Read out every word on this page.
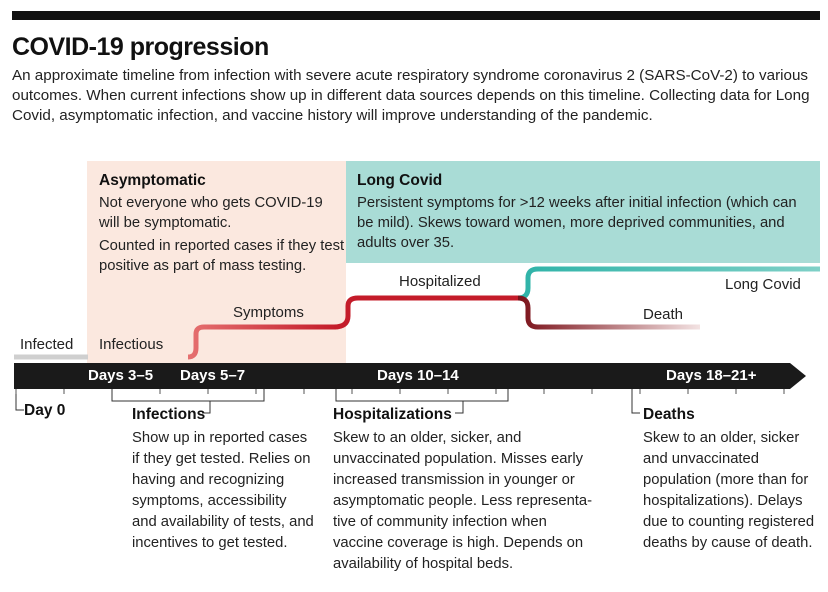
COVID-19 progression
An approximate timeline from infection with severe acute respiratory syndrome coronavirus 2 (SARS-CoV-2) to various outcomes. When current infections show up in different data sources depends on this timeline. Collecting data for Long Covid, asymptomatic infection, and vaccine history will improve understanding of the pandemic.
Asymptomatic
Not everyone who gets COVID-19 will be symptomatic.
Counted in reported cases if they test positive as part of mass testing.
Long Covid
Persistent symptoms for >12 weeks after initial infection (which can be mild). Skews toward women, more deprived communities, and adults over 35.
Infected Infectious
Symptoms
Hospitalized	Long Covid
Death
Days 3–5 Days 5–7	Days 10–14	Days 18–21+
Day 0	Infections
Show up in reported cases if they get tested. Relies on having and recognizing symptoms, accessibility and availability of tests, and incentives to get tested.
Hospitalizations
Skew to an older, sicker, and unvaccinated population. Misses early increased transmission in younger or asymptomatic people. Less representa-tive of community infection when vaccine coverage is high. Depends on availability of hospital beds.
Deaths
Skew to an older, sicker and unvaccinated population (more than for hospitalizations). Delays due to counting registered deaths by cause of death.
